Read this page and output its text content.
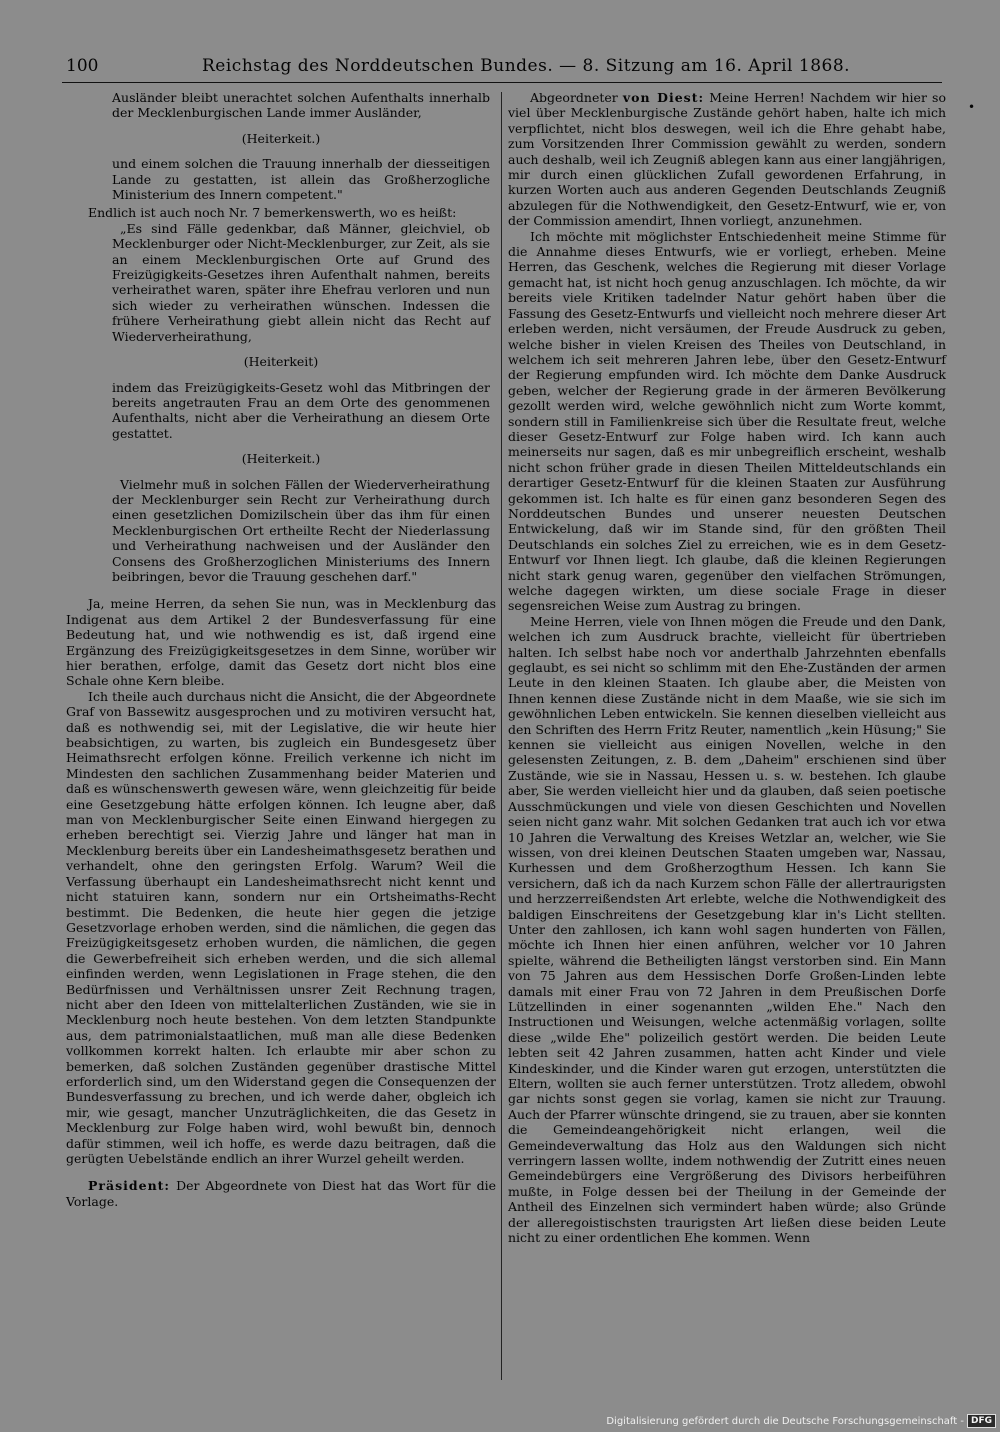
100	Reichstag des Norddeutschen Bundes. — 8. Sitzung am 16. April 1868.
•

Ausländer bleibt unerachtet solchen Aufenthalts innerhalb der Mecklenburgischen Lande immer Ausländer,

(Heiterkeit.)

und einem solchen die Trauung innerhalb der diesseitigen Lande zu gestatten, ist allein das Großherzogliche Ministerium des Innern competent."

Endlich ist auch noch Nr. 7 bemerkenswerth, wo es heißt:

„Es sind Fälle gedenkbar, daß Männer, gleichviel, ob Mecklenburger oder Nicht-Mecklenburger, zur Zeit, als sie an einem Mecklenburgischen Orte auf Grund des Freizügigkeits-Gesetzes ihren Aufenthalt nahmen, bereits verheirathet waren, später ihre Ehefrau verloren und nun sich wieder zu verheirathen wünschen. Indessen die frühere Verheirathung giebt allein nicht das Recht auf Wiederverheirathung,

(Heiterkeit)

indem das Freizügigkeits-Gesetz wohl das Mitbringen der bereits angetrauten Frau an dem Orte des genommenen Aufenthalts, nicht aber die Verheirathung an diesem Orte gestattet.

(Heiterkeit.)

Vielmehr muß in solchen Fällen der Wiederverheirathung der Mecklenburger sein Recht zur Verheirathung durch einen gesetzlichen Domizilschein über das ihm für einen Mecklenburgischen Ort ertheilte Recht der Niederlassung und Verheirathung nachweisen und der Ausländer den Consens des Großherzoglichen Ministeriums des Innern beibringen, bevor die Trauung geschehen darf."

Ja, meine Herren, da sehen Sie nun, was in Mecklenburg das Indigenat aus dem Artikel 2 der Bundesverfassung für eine Bedeutung hat, und wie nothwendig es ist, daß irgend eine Ergänzung des Freizügigkeitsgesetzes in dem Sinne, worüber wir hier berathen, erfolge, damit das Gesetz dort nicht blos eine Schale ohne Kern bleibe.

Ich theile auch durchaus nicht die Ansicht, die der Abgeordnete Graf von Bassewitz ausgesprochen und zu motiviren versucht hat, daß es nothwendig sei, mit der Legislative, die wir heute hier beabsichtigen, zu warten, bis zugleich ein Bundesgesetz über Heimathsrecht erfolgen könne. Freilich verkenne ich nicht im Mindesten den sachlichen Zusammenhang beider Materien und daß es wünschenswerth gewesen wäre, wenn gleichzeitig für beide eine Gesetzgebung hätte erfolgen können. Ich leugne aber, daß man von Mecklenburgischer Seite einen Einwand hiergegen zu erheben berechtigt sei. Vierzig Jahre und länger hat man in Mecklenburg bereits über ein Landesheimathsgesetz berathen und verhandelt, ohne den geringsten Erfolg. Warum? Weil die Verfassung überhaupt ein Landesheimathsrecht nicht kennt und nicht statuiren kann, sondern nur ein Ortsheimaths-Recht bestimmt. Die Bedenken, die heute hier gegen die jetzige Gesetzvorlage erhoben werden, sind die nämlichen, die gegen das Freizügigkeitsgesetz erhoben wurden, die nämlichen, die gegen die Gewerbefreiheit sich erheben werden, und die sich allemal einfinden werden, wenn Legislationen in Frage stehen, die den Bedürfnissen und Verhältnissen unsrer Zeit Rechnung tragen, nicht aber den Ideen von mittelalterlichen Zuständen, wie sie in Mecklenburg noch heute bestehen. Von dem letzten Standpunkte aus, dem patrimonialstaatlichen, muß man alle diese Bedenken vollkommen korrekt halten. Ich erlaubte mir aber schon zu bemerken, daß solchen Zuständen gegenüber drastische Mittel erforderlich sind, um den Widerstand gegen die Consequenzen der Bundesverfassung zu brechen, und ich werde daher, obgleich ich mir, wie gesagt, mancher Unzuträglichkeiten, die das Gesetz in Mecklenburg zur Folge haben wird, wohl bewußt bin, dennoch dafür stimmen, weil ich hoffe, es werde dazu beitragen, daß die gerügten Uebelstände endlich an ihrer Wurzel geheilt werden.

Präsident: Der Abgeordnete von Diest hat das Wort für die Vorlage.

Abgeordneter von Diest: Meine Herren! Nachdem wir hier so viel über Mecklenburgische Zustände gehört haben, halte ich mich verpflichtet, nicht blos deswegen, weil ich die Ehre gehabt habe, zum Vorsitzenden Ihrer Commission gewählt zu werden, sondern auch deshalb, weil ich Zeugniß ablegen kann aus einer langjährigen, mir durch einen glücklichen Zufall gewordenen Erfahrung, in kurzen Worten auch aus anderen Gegenden Deutschlands Zeugniß abzulegen für die Nothwendigkeit, den Gesetz-Entwurf, wie er, von der Commission amendirt, Ihnen vorliegt, anzunehmen.

Ich möchte mit möglichster Entschiedenheit meine Stimme für die Annahme dieses Entwurfs, wie er vorliegt, erheben. Meine Herren, das Geschenk, welches die Regierung mit dieser Vorlage gemacht hat, ist nicht hoch genug anzuschlagen. Ich möchte, da wir bereits viele Kritiken tadelnder Natur gehört haben über die Fassung des Gesetz-Entwurfs und vielleicht noch mehrere dieser Art erleben werden, nicht versäumen, der Freude Ausdruck zu geben, welche bisher in vielen Kreisen des Theiles von Deutschland, in welchem ich seit mehreren Jahren lebe, über den Gesetz-Entwurf der Regierung empfunden wird. Ich möchte dem Danke Ausdruck geben, welcher der Regierung grade in der ärmeren Bevölkerung gezollt werden wird, welche gewöhnlich nicht zum Worte kommt, sondern still in Familienkreise sich über die Resultate freut, welche dieser Gesetz-Entwurf zur Folge haben wird. Ich kann auch meinerseits nur sagen, daß es mir unbegreiflich erscheint, weshalb nicht schon früher grade in diesen Theilen Mitteldeutschlands ein derartiger Gesetz-Entwurf für die kleinen Staaten zur Ausführung gekommen ist. Ich halte es für einen ganz besonderen Segen des Norddeutschen Bundes und unserer neuesten Deutschen Entwickelung, daß wir im Stande sind, für den größten Theil Deutschlands ein solches Ziel zu erreichen, wie es in dem Gesetz-Entwurf vor Ihnen liegt. Ich glaube, daß die kleinen Regierungen nicht stark genug waren, gegenüber den vielfachen Strömungen, welche dagegen wirkten, um diese sociale Frage in dieser segensreichen Weise zum Austrag zu bringen.

Meine Herren, viele von Ihnen mögen die Freude und den Dank, welchen ich zum Ausdruck brachte, vielleicht für übertrieben halten. Ich selbst habe noch vor anderthalb Jahrzehnten ebenfalls geglaubt, es sei nicht so schlimm mit den Ehe-Zuständen der armen Leute in den kleinen Staaten. Ich glaube aber, die Meisten von Ihnen kennen diese Zustände nicht in dem Maaße, wie sie sich im gewöhnlichen Leben entwickeln. Sie kennen dieselben vielleicht aus den Schriften des Herrn Fritz Reuter, namentlich „kein Hüsung;" Sie kennen sie vielleicht aus einigen Novellen, welche in den gelesensten Zeitungen, z. B. dem „Daheim" erschienen sind über Zustände, wie sie in Nassau, Hessen u. s. w. bestehen. Ich glaube aber, Sie werden vielleicht hier und da glauben, daß seien poetische Ausschmückungen und viele von diesen Geschichten und Novellen seien nicht ganz wahr. Mit solchen Gedanken trat auch ich vor etwa 10 Jahren die Verwaltung des Kreises Wetzlar an, welcher, wie Sie wissen, von drei kleinen Deutschen Staaten umgeben war, Nassau, Kurhessen und dem Großherzogthum Hessen. Ich kann Sie versichern, daß ich da nach Kurzem schon Fälle der allertraurigsten und herzzerreißendsten Art erlebte, welche die Nothwendigkeit des baldigen Einschreitens der Gesetzgebung klar in's Licht stellten. Unter den zahllosen, ich kann wohl sagen hunderten von Fällen, möchte ich Ihnen hier einen anführen, welcher vor 10 Jahren spielte, während die Betheiligten längst verstorben sind. Ein Mann von 75 Jahren aus dem Hessischen Dorfe Großen-Linden lebte damals mit einer Frau von 72 Jahren in dem Preußischen Dorfe Lützellinden in einer sogenannten „wilden Ehe." Nach den Instructionen und Weisungen, welche actenmäßig vorlagen, sollte diese „wilde Ehe" polizeilich gestört werden. Die beiden Leute lebten seit 42 Jahren zusammen, hatten acht Kinder und viele Kindeskinder, und die Kinder waren gut erzogen, unterstützten die Eltern, wollten sie auch ferner unterstützen. Trotz alledem, obwohl gar nichts sonst gegen sie vorlag, kamen sie nicht zur Trauung. Auch der Pfarrer wünschte dringend, sie zu trauen, aber sie konnten die Gemeindeangehörigkeit nicht erlangen, weil die Gemeindeverwaltung das Holz aus den Waldungen sich nicht verringern lassen wollte, indem nothwendig der Zutritt eines neuen Gemeindebürgers eine Vergrößerung des Divisors herbeiführen mußte, in Folge dessen bei der Theilung in der Gemeinde der Antheil des Einzelnen sich vermindert haben würde; also Gründe der alleregoistischsten traurigsten Art ließen diese beiden Leute nicht zu einer ordentlichen Ehe kommen. Wenn

Digitalisierung gefördert durch die Deutsche Forschungsgemeinschaft - DFG
